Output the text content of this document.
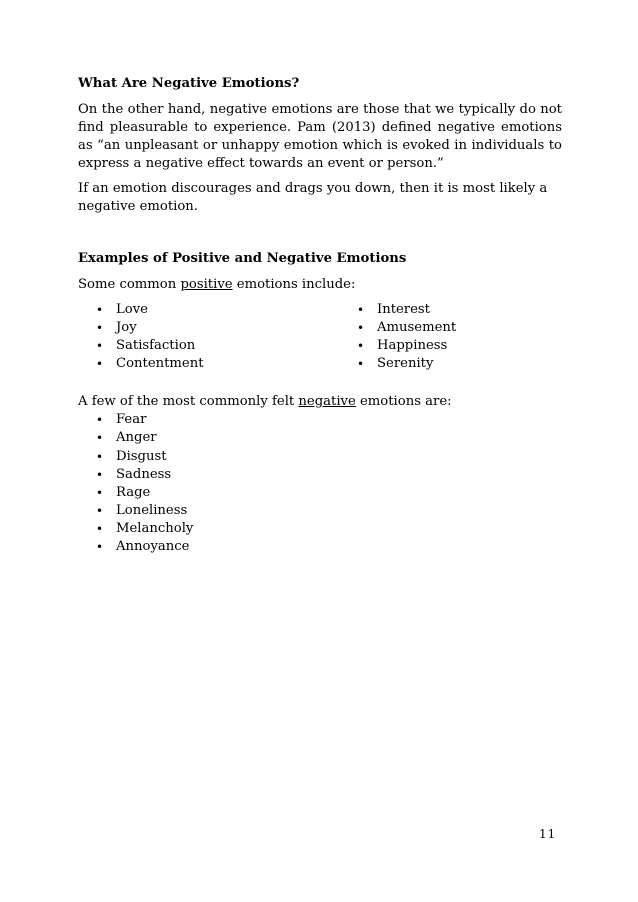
What Are Negative Emotions?

On the other hand, negative emotions are those that we typically do not find pleasurable to experience. Pam (2013) defined negative emotions as “an unpleasant or unhappy emotion which is evoked in individuals to express a negative effect towards an event or person.”

If an emotion discourages and drags you down, then it is most likely a negative emotion.

Examples of Positive and Negative Emotions

Some common positive emotions include:

• Love
• Joy
• Satisfaction
• Contentment
• Interest
• Amusement
• Happiness
• Serenity

A few of the most commonly felt negative emotions are:

• Fear
• Anger
• Disgust
• Sadness
• Rage
• Loneliness
• Melancholy
• Annoyance
11
